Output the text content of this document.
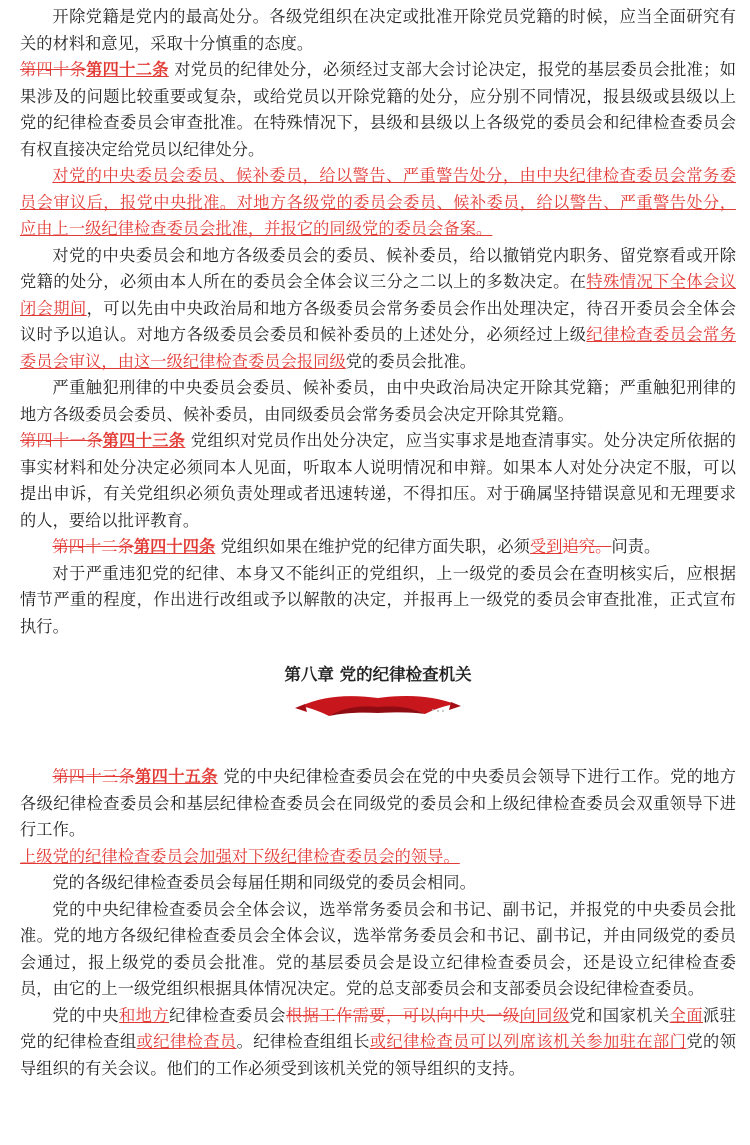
开除党籍是党内的最高处分。各级党组织在决定或批准开除党员党籍的时候，应当全面研究有关的材料和意见，采取十分慎重的态度。

第四十条第四十二条 对党员的纪律处分，必须经过支部大会讨论决定，报党的基层委员会批准；如果涉及的问题比较重要或复杂，或给党员以开除党籍的处分，应分别不同情况，报县级或县级以上党的纪律检查委员会审查批准。在特殊情况下，县级和县级以上各级党的委员会和纪律检查委员会有权直接决定给党员以纪律处分。

对党的中央委员会委员、候补委员，给以警告、严重警告处分，由中央纪律检查委员会常务委员会审议后，报党中央批准。对地方各级党的委员会委员、候补委员，给以警告、严重警告处分，应由上一级纪律检查委员会批准，并报它的同级党的委员会备案。

对党的中央委员会和地方各级委员会的委员、候补委员，给以撤销党内职务、留党察看或开除党籍的处分，必须由本人所在的委员会全体会议三分之二以上的多数决定。在特殊情况下全体会议闭会期间，可以先由中央政治局和地方各级委员会常务委员会作出处理决定，待召开委员会全体会议时予以追认。对地方各级委员会委员和候补委员的上述处分，必须经过上级纪律检查委员会常务委员会审议，由这一级纪律检查委员会报同级党的委员会批准。

严重触犯刑律的中央委员会委员、候补委员，由中央政治局决定开除其党籍；严重触犯刑律的地方各级委员会委员、候补委员，由同级委员会常务委员会决定开除其党籍。

第四十一条第四十三条 党组织对党员作出处分决定，应当实事求是地查清事实。处分决定所依据的事实材料和处分决定必须同本人见面，听取本人说明情况和申辩。如果本人对处分决定不服，可以提出申诉，有关党组织必须负责处理或者迅速转递，不得扣压。对于确属坚持错误意见和无理要求的人，要给以批评教育。

第四十二条第四十四条 党组织如果在维护党的纪律方面失职，必须受到追究。问责。

对于严重违犯党的纪律、本身又不能纠正的党组织，上一级党的委员会在查明核实后，应根据情节严重的程度，作出进行改组或予以解散的决定，并报再上一级党的委员会审查批准，正式宣布执行。

第八章 党的纪律检查机关

第四十三条第四十五条 党的中央纪律检查委员会在党的中央委员会领导下进行工作。党的地方各级纪律检查委员会和基层纪律检查委员会在同级党的委员会和上级纪律检查委员会双重领导下进行工作。

上级党的纪律检查委员会加强对下级纪律检查委员会的领导。

党的各级纪律检查委员会每届任期和同级党的委员会相同。

党的中央纪律检查委员会全体会议，选举常务委员会和书记、副书记，并报党的中央委员会批准。党的地方各级纪律检查委员会全体会议，选举常务委员会和书记、副书记，并由同级党的委员会通过，报上级党的委员会批准。党的基层委员会是设立纪律检查委员会，还是设立纪律检查委员，由它的上一级党组织根据具体情况决定。党的总支部委员会和支部委员会设纪律检查委员。

党的中央和地方纪律检查委员会根据工作需要，可以向中央一级向同级党和国家机关全面派驻党的纪律检查组或纪律检查员。纪律检查组组长或纪律检查员可以列席该机关参加驻在部门党的领导组织的有关会议。他们的工作必须受到该机关党的领导组织的支持。
